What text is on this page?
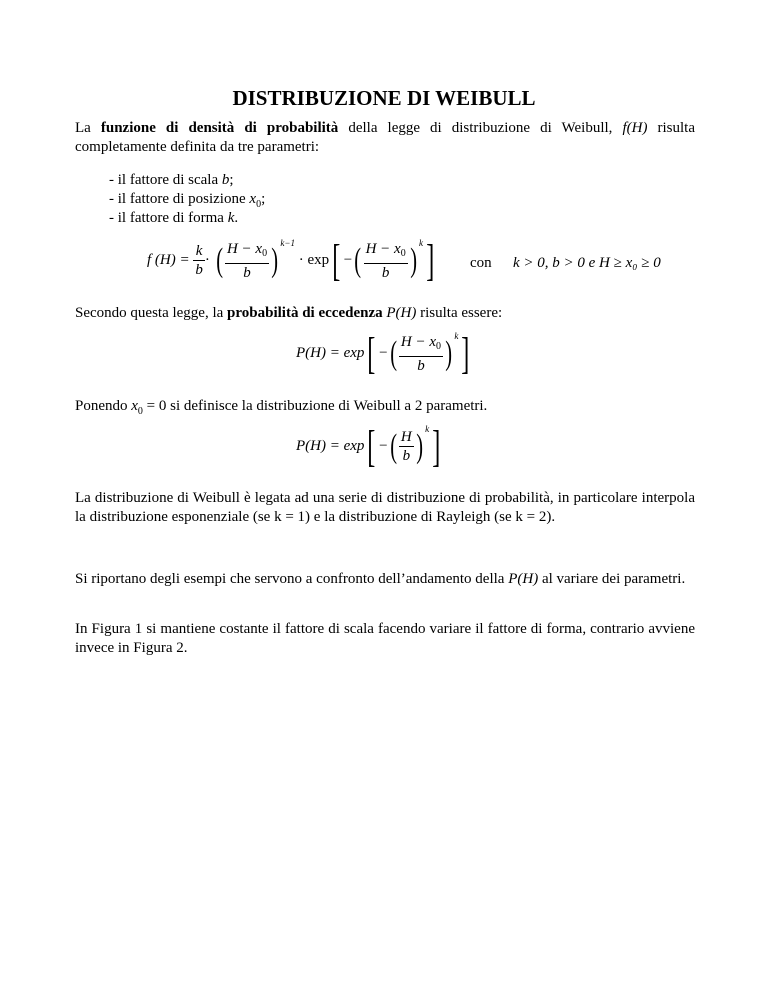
DISTRIBUZIONE DI WEIBULL
La funzione di densità di probabilità della legge di distribuzione di Weibull, f(H) risulta completamente definita da tre parametri:
- il fattore di scala b;
- il fattore di posizione $x_0$;
- il fattore di forma k.
f $(H) = \frac{k}{b}$ · ( $\frac{H - x_0}{b}$ ) $^{k-1}$ · exp[ −( $\frac{H - x_0}{b}$ ) $^k$] con k > 0, b > 0 e H ≥ x₀ ≥ 0
Secondo questa legge, la probabilità di eccedenza P(H) risulta essere:
P(H) = exp[ −( $\frac{H - x_0}{b}$ ) $^k$]
Ponendo $x_0 = 0$ si definisce la distribuzione di Weibull a 2 parametri.
P(H) = exp[ −( $\frac{H}{b}$ ) $^k$]
La distribuzione di Weibull è legata ad una serie di distribuzione di probabilità, in particolare interpola la distribuzione esponenziale (se k = 1) e la distribuzione di Rayleigh (se k = 2).
Si riportano degli esempi che servono a confronto dell’andamento della P(H) al variare dei parametri.
In Figura 1 si mantiene costante il fattore di scala facendo variare il fattore di forma, contrario avviene invece in Figura 2.
